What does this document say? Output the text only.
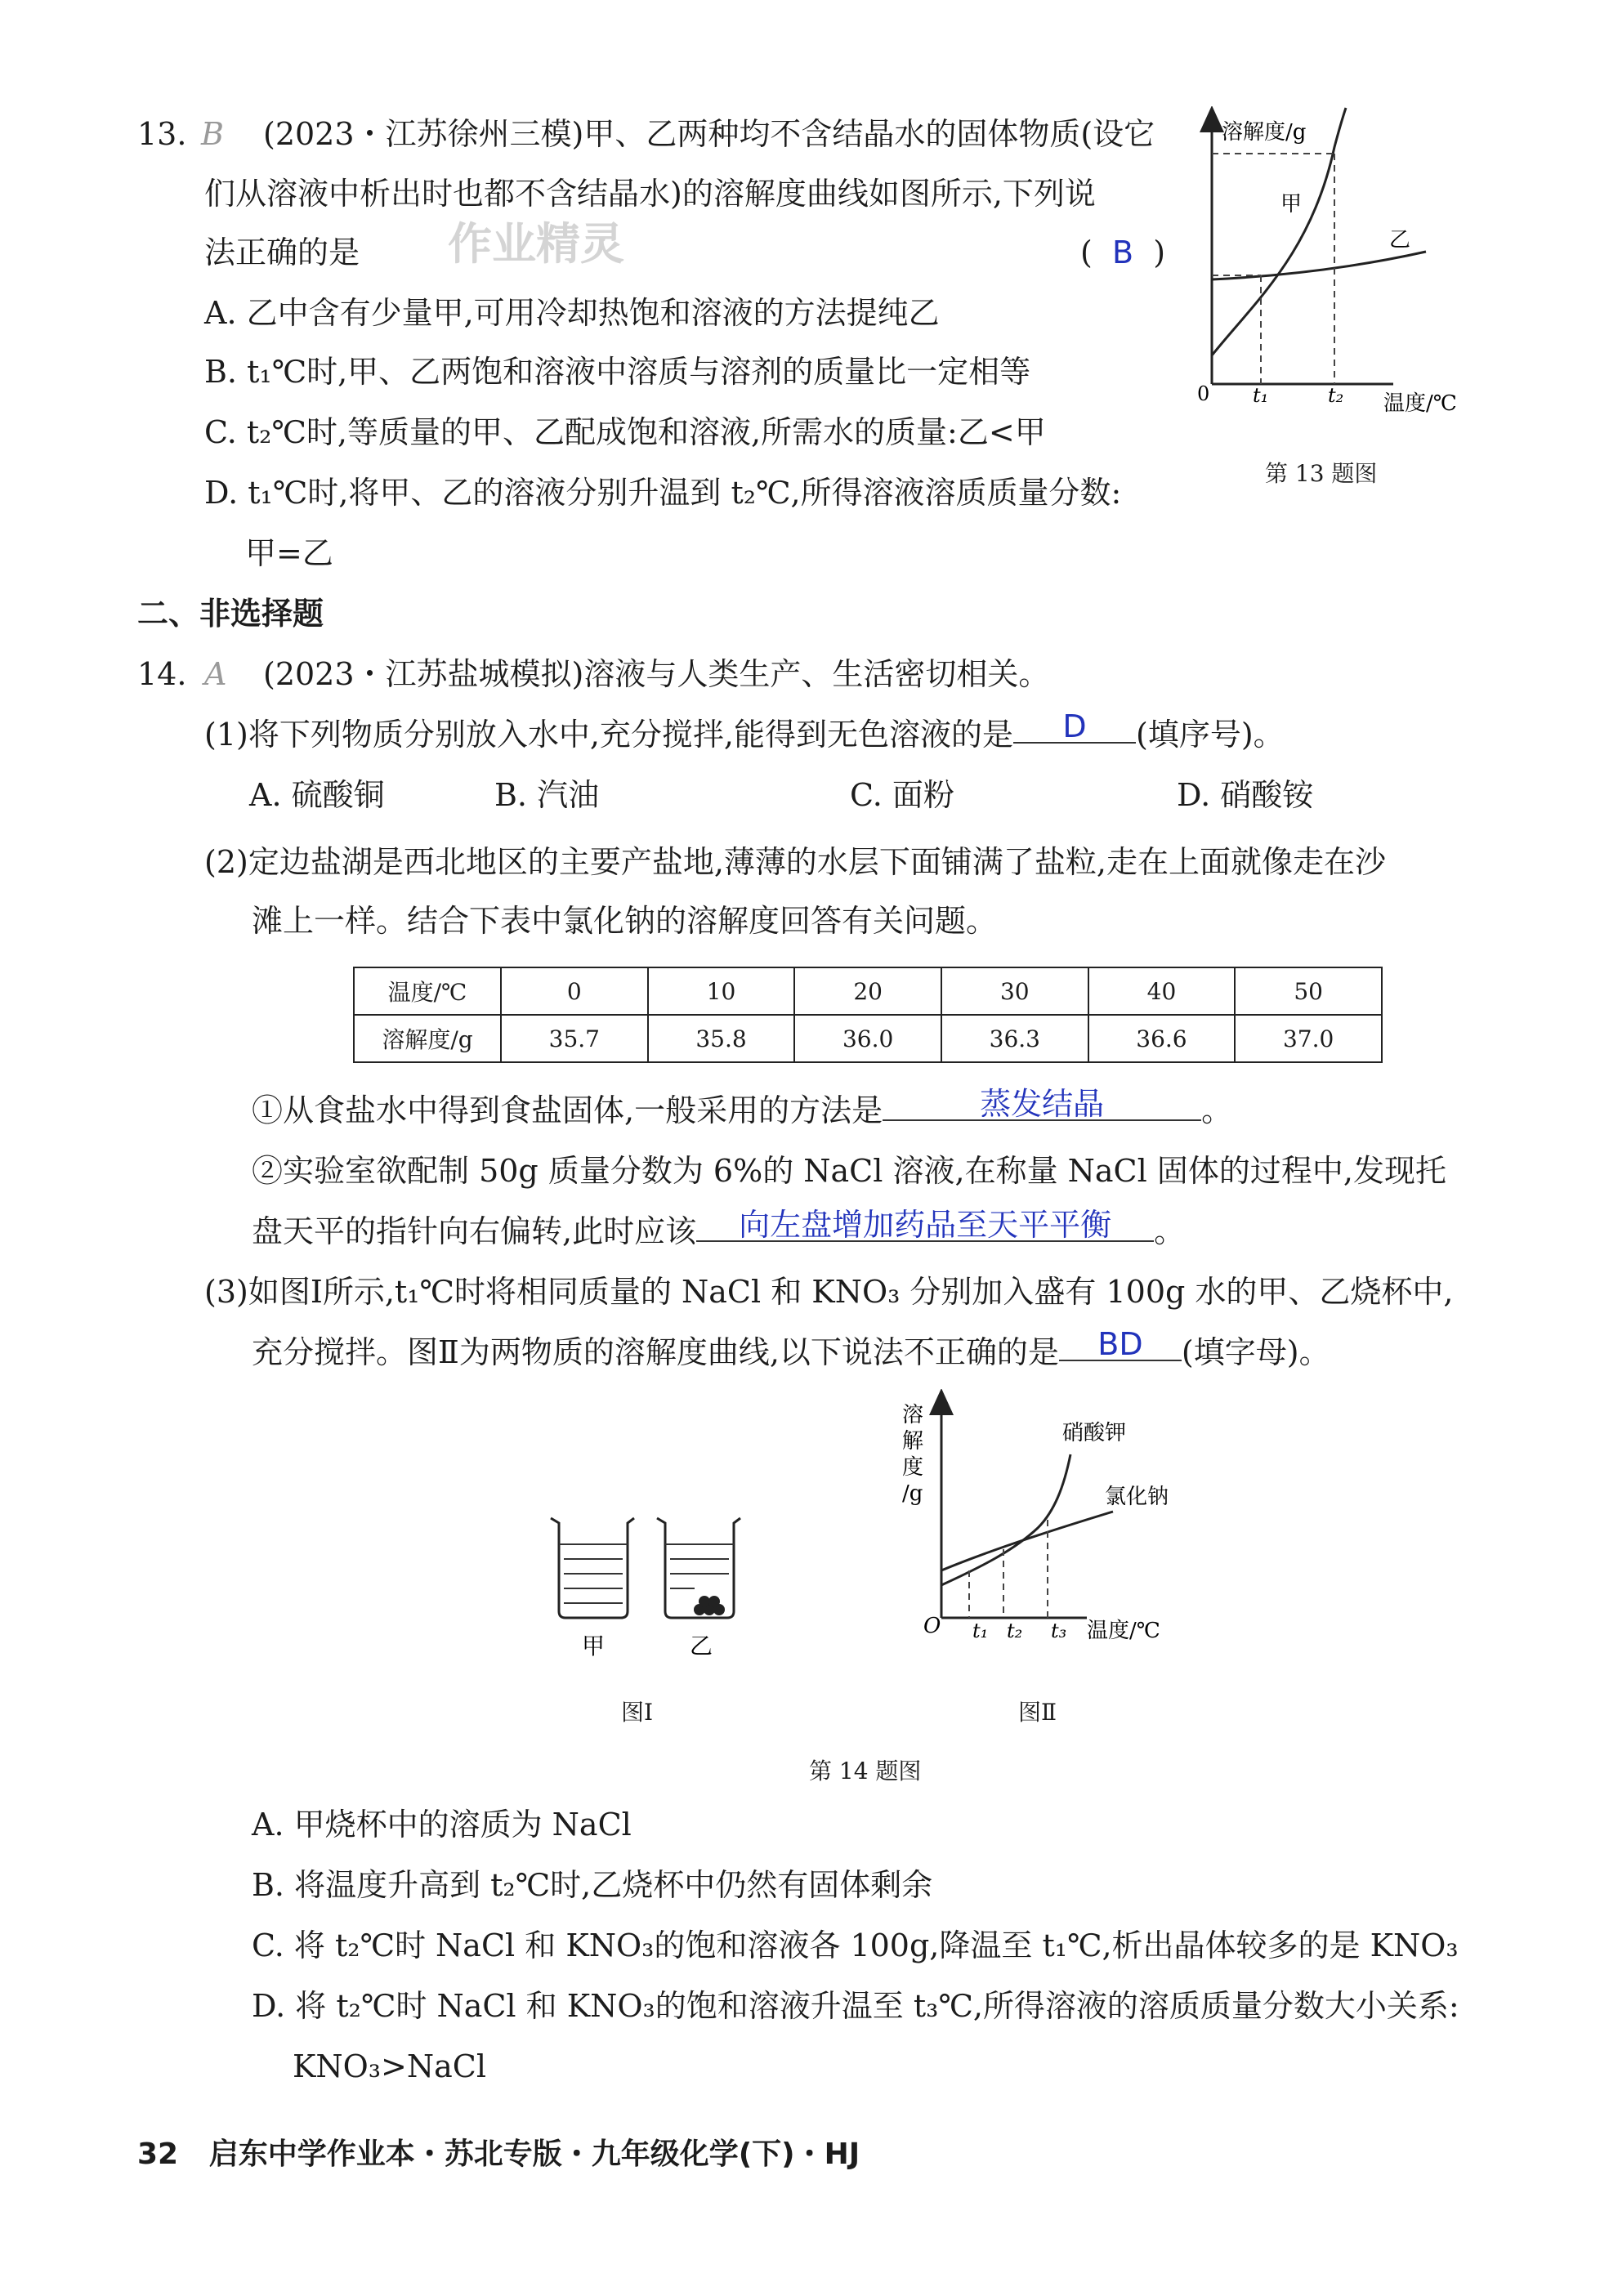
13. B (2023・江苏徐州三模)甲、乙两种均不含结晶水的固体物质(设它
们从溶液中析出时也都不含结晶水)的溶解度曲线如图所示,下列说
法正确的是 作业精灵	(  B  )
A. 乙中含有少量甲,可用冷却热饱和溶液的方法提纯乙
B. t₁℃时,甲、乙两饱和溶液中溶质与溶剂的质量比一定相等
C. t₂℃时,等质量的甲、乙配成饱和溶液,所需水的质量:乙<甲
D. t₁℃时,将甲、乙的溶液分别升温到 t₂℃,所得溶液溶质质量分数:
甲=乙
溶解度/g
0 t₁	t₂ 温度/℃
甲
乙
第 13 题图
二、非选择题
14. A (2023・江苏盐城模拟)溶液与人类生产、生活密切相关。
(1)将下列物质分别放入水中,充分搅拌,能得到无色溶液的是 D (填序号)。
A. 硫酸铜	B. 汽油	C. 面粉	D. 硝酸铵
(2)定边盐湖是西北地区的主要产盐地,薄薄的水层下面铺满了盐粒,走在上面就像走在沙
滩上一样。结合下表中氯化钠的溶解度回答有关问题。
温度/℃	0	10	20	30	40	50
溶解度/g	35.7	35.8	36.0	36.3	36.6	37.0
①从食盐水中得到食盐固体,一般采用的方法是	蒸发结晶	。
②实验室欲配制 50g 质量分数为 6%的 NaCl 溶液,在称量 NaCl 固体的过程中,发现托
盘天平的指针向右偏转,此时应该 向左盘增加药品至天平平衡 。
(3)如图Ⅰ所示,t₁℃时将相同质量的 NaCl 和 KNO₃ 分别加入盛有 100g 水的甲、乙烧杯中,
充分搅拌。图Ⅱ为两物质的溶解度曲线,以下说法不正确的是 BD (填字母)。
甲	乙
图Ⅰ
溶
解
度
/g
O t₁ t₂ t₃ 温度/℃
硝酸钾
氯化钠
图Ⅱ
第 14 题图
A. 甲烧杯中的溶质为 NaCl
B. 将温度升高到 t₂℃时,乙烧杯中仍然有固体剩余
C. 将 t₂℃时 NaCl 和 KNO₃的饱和溶液各 100g,降温至 t₁℃,析出晶体较多的是 KNO₃
D. 将 t₂℃时 NaCl 和 KNO₃的饱和溶液升温至 t₃℃,所得溶液的溶质质量分数大小关系:
KNO₃>NaCl
32 启东中学作业本・苏北专版・九年级化学(下)・HJ
